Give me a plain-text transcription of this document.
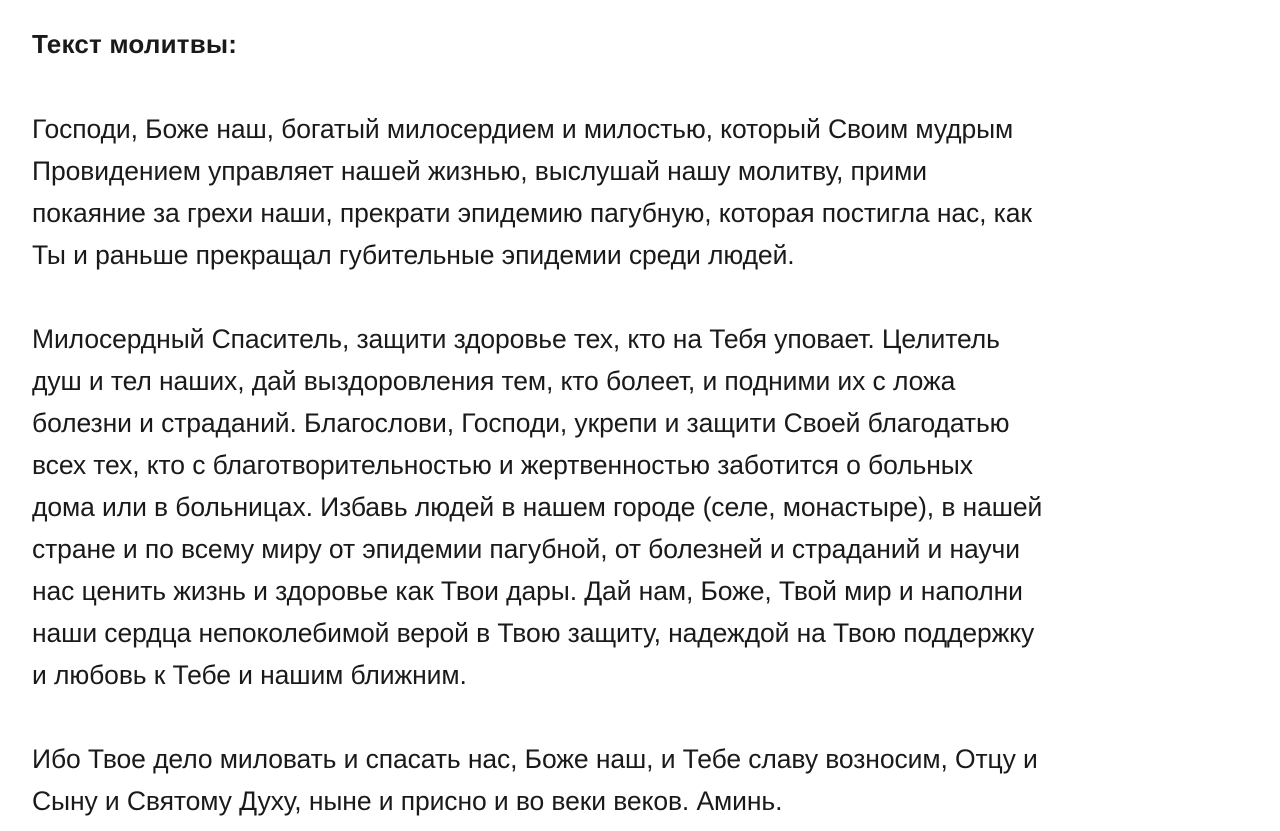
Текст молитвы:

Господи, Боже наш, богатый милосердием и милостью, который Своим мудрым
Провидением управляет нашей жизнью, выслушай нашу молитву, прими
покаяние за грехи наши, прекрати эпидемию пагубную, которая постигла нас, как
Ты и раньше прекращал губительные эпидемии среди людей.

Милосердный Спаситель, защити здоровье тех, кто на Тебя уповает. Целитель
душ и тел наших, дай выздоровления тем, кто болеет, и подними их с ложа
болезни и страданий. Благослови, Господи, укрепи и защити Своей благодатью
всех тех, кто с благотворительностью и жертвенностью заботится о больных
дома или в больницах. Избавь людей в нашем городе (селе, монастыре), в нашей
стране и по всему миру от эпидемии пагубной, от болезней и страданий и научи
нас ценить жизнь и здоровье как Твои дары. Дай нам, Боже, Твой мир и наполни
наши сердца непоколебимой верой в Твою защиту, надеждой на Твою поддержку
и любовь к Тебе и нашим ближним.

Ибо Твое дело миловать и спасать нас, Боже наш, и Тебе славу возносим, Отцу и
Сыну и Святому Духу, ныне и присно и во веки веков. Аминь.
